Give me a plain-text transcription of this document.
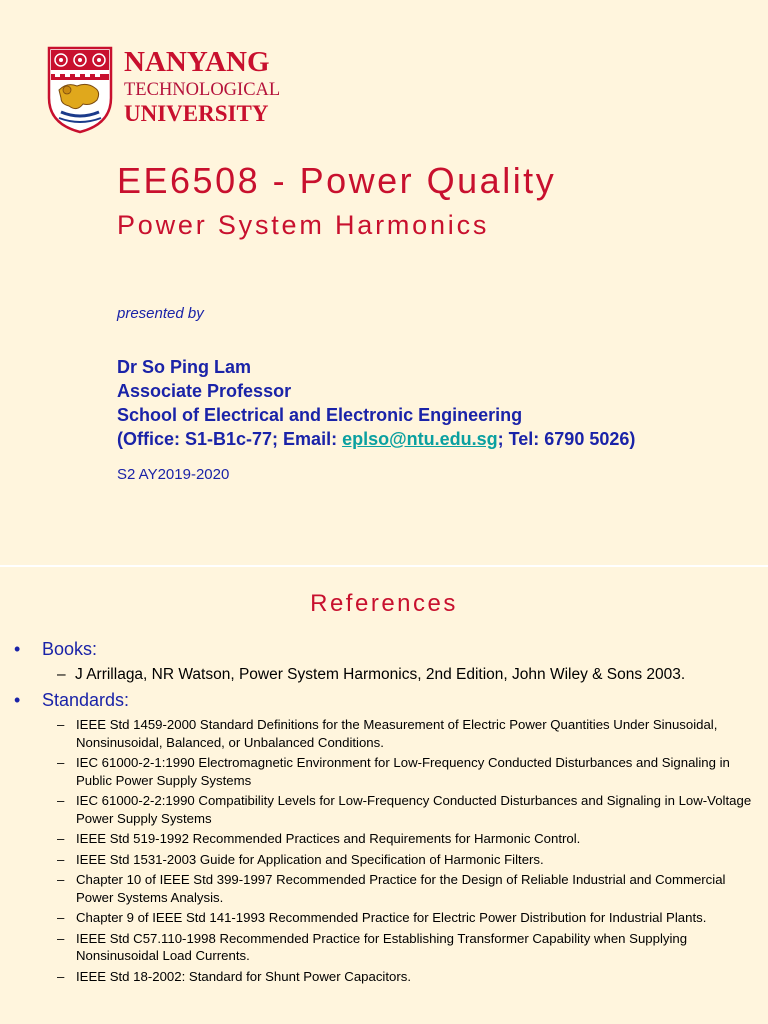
NANYANG
TECHNOLOGICAL
UNIVERSITY
EE6508 - Power Quality
Power System Harmonics
presented by
Dr So Ping Lam
Associate Professor
School of Electrical and Electronic Engineering
(Office: S1-B1c-77; Email: eplso@ntu.edu.sg; Tel: 6790 5026)
S2 AY2019-2020
References
• Books:
– J Arrillaga, NR Watson, Power System Harmonics, 2nd Edition, John Wiley & Sons 2003.
• Standards:
– IEEE Std 1459-2000 Standard Definitions for the Measurement of Electric Power Quantities Under Sinusoidal, Nonsinusoidal, Balanced, or Unbalanced Conditions.
– IEC 61000-2-1:1990 Electromagnetic Environment for Low-Frequency Conducted Disturbances and Signaling in Public Power Supply Systems
– IEC 61000-2-2:1990 Compatibility Levels for Low-Frequency Conducted Disturbances and Signaling in Low-Voltage Power Supply Systems
– IEEE Std 519-1992 Recommended Practices and Requirements for Harmonic Control.
– IEEE Std 1531-2003 Guide for Application and Specification of Harmonic Filters.
– Chapter 10 of IEEE Std 399-1997 Recommended Practice for the Design of Reliable Industrial and Commercial Power Systems Analysis.
– Chapter 9 of IEEE Std 141-1993 Recommended Practice for Electric Power Distribution for Industrial Plants.
– IEEE Std C57.110-1998 Recommended Practice for Establishing Transformer Capability when Supplying Nonsinusoidal Load Currents.
– IEEE Std 18-2002: Standard for Shunt Power Capacitors.
